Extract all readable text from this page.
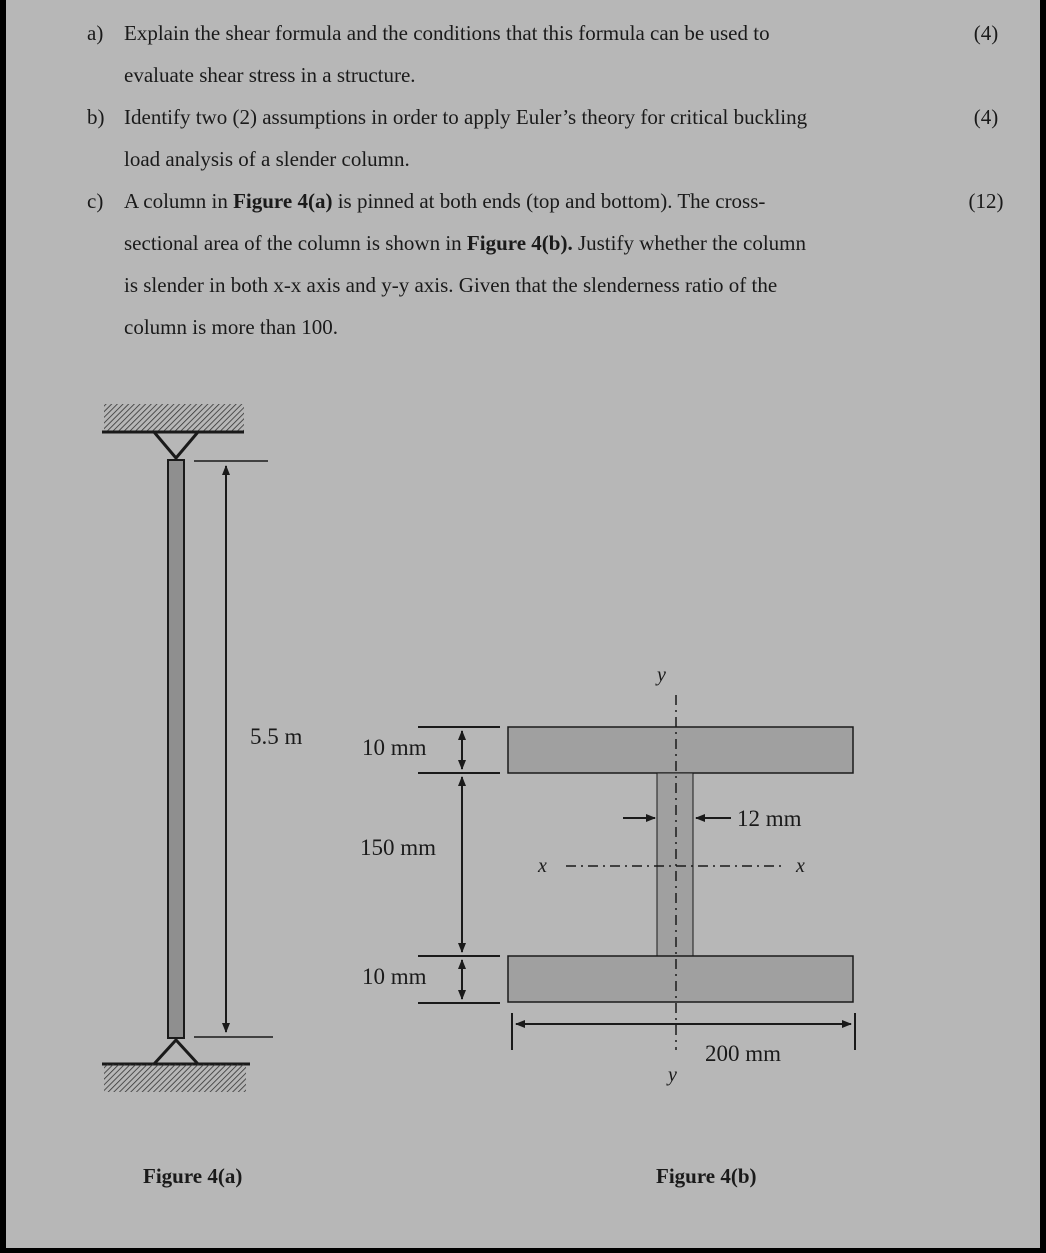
a) Explain the shear formula and the conditions that this formula can be used to
evaluate shear stress in a structure.
(4)
b) Identify two (2) assumptions in order to apply Euler’s theory for critical buckling
load analysis of a slender column.
(4)
c) A column in Figure 4(a) is pinned at both ends (top and bottom). The cross-
sectional area of the column is shown in Figure 4(b). Justify whether the column
is slender in both x-x axis and y-y axis. Given that the slenderness ratio of the
column is more than 100.
(12)
5.5 m
Figure 4(a)
10 mm
150 mm
10 mm
12 mm
200 mm
y
y
x	x
Figure 4(b)
